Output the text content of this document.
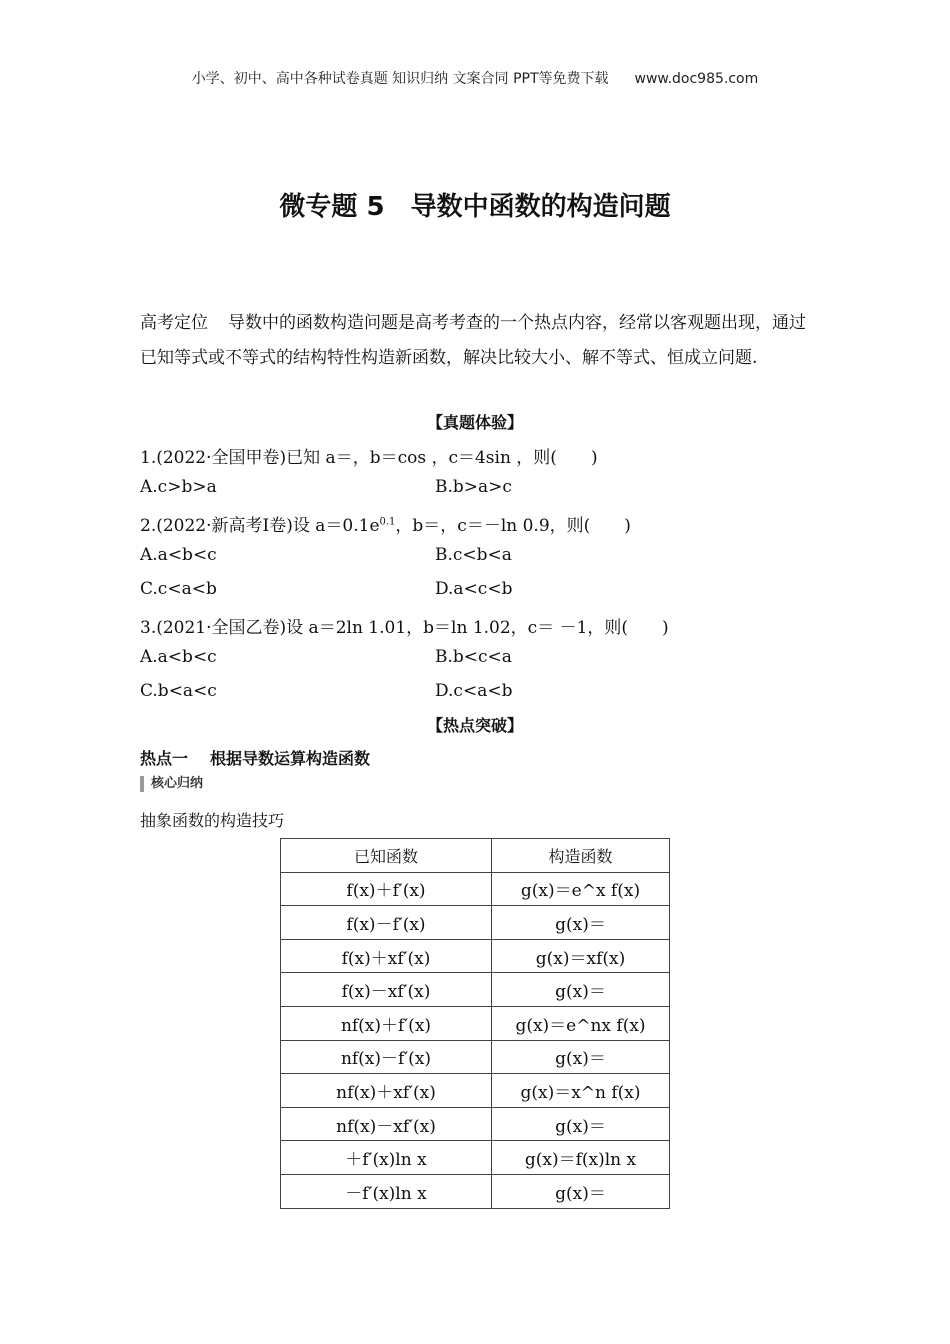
小学、初中、高中各种试卷真题 知识归纳 文案合同 PPT等免费下载 www.doc985.com
微专题 5 导数中函数的构造问题
高考定位 导数中的函数构造问题是高考考查的一个热点内容，经常以客观题出现，通过已知等式或不等式的结构特性构造新函数，解决比较大小、解不等式、恒成立问题.
【真题体验】
1.(2022·全国甲卷)已知 a＝，b＝cos ，c＝4sin ，则(　　)
A.c>b>a	B.b>a>c
2.(2022·新高考Ⅰ卷)设 $a=0.1e^{0.1}$，b＝，c＝－ln 0.9，则(　　)
A.a<b<c	B.c<b<a
C.c<a<b	D.a<c<b
3.(2021·全国乙卷)设 a＝2ln 1.01，b＝ln 1.02，c＝ －1，则(　　)
A.a<b<c	B.b<c<a
C.b<a<c	D.c<a<b
【热点突破】
热点一 根据导数运算构造函数
核心归纳
抽象函数的构造技巧
已知函数	构造函数
f(x)＋f′(x)	g(x)＝e^x f(x)
f(x)－f′(x)	g(x)＝
f(x)＋xf′(x)	g(x)＝xf(x)
f(x)－xf′(x)	g(x)＝
nf(x)＋f′(x)	g(x)＝e^nx f(x)
nf(x)－f′(x)	g(x)＝
nf(x)＋xf′(x)	g(x)＝x^n f(x)
nf(x)－xf′(x)	g(x)＝
＋f′(x)ln x	g(x)＝f(x)ln x
－f′(x)ln x	g(x)＝
